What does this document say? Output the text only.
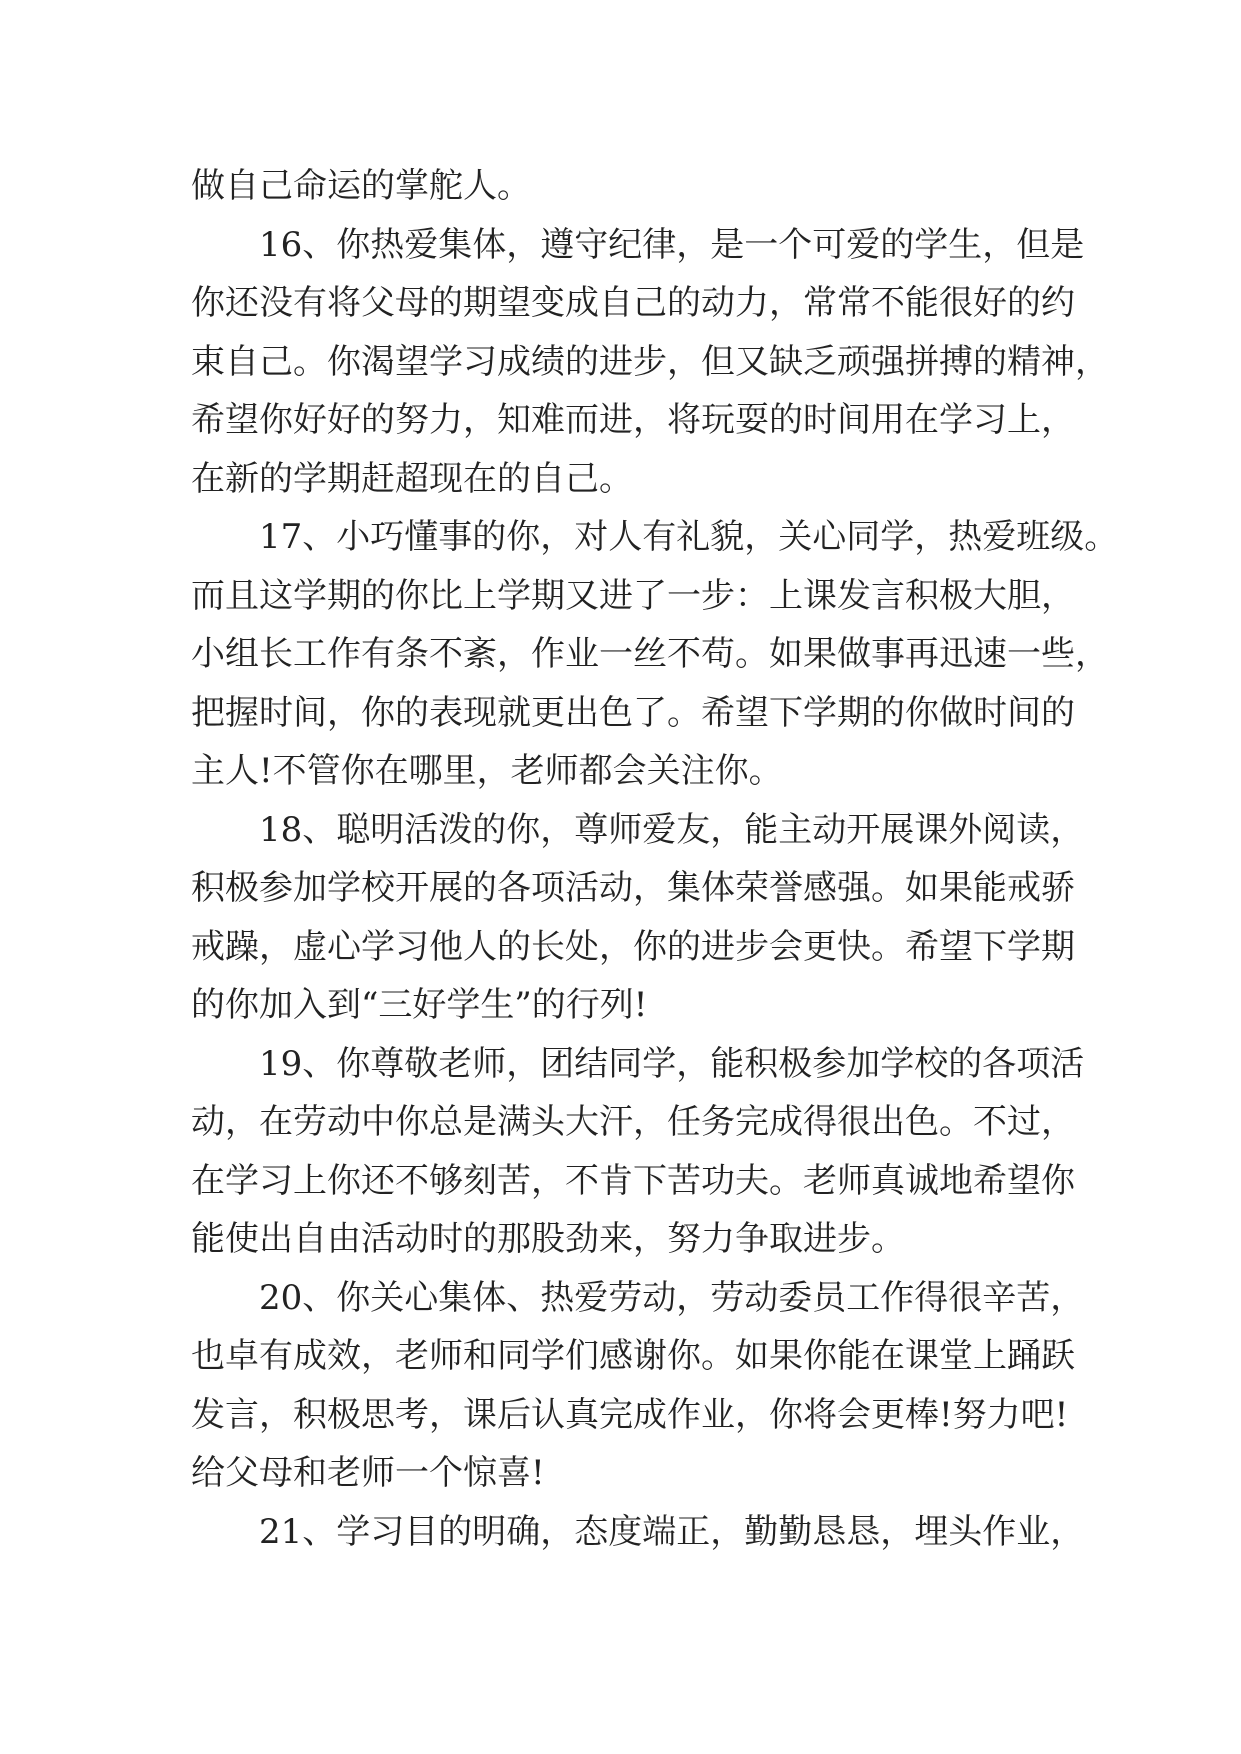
做自己命运的掌舵人。
16、你热爱集体，遵守纪律，是一个可爱的学生，但是
你还没有将父母的期望变成自己的动力，常常不能很好的约
束自己。你渴望学习成绩的进步，但又缺乏顽强拼搏的精神，
希望你好好的努力，知难而进，将玩耍的时间用在学习上，
在新的学期赶超现在的自己。
17、小巧懂事的你，对人有礼貌，关心同学，热爱班级。
而且这学期的你比上学期又进了一步：上课发言积极大胆，
小组长工作有条不紊，作业一丝不苟。如果做事再迅速一些，
把握时间，你的表现就更出色了。希望下学期的你做时间的
主人!不管你在哪里，老师都会关注你。
18、聪明活泼的你，尊师爱友，能主动开展课外阅读，
积极参加学校开展的各项活动，集体荣誉感强。如果能戒骄
戒躁，虚心学习他人的长处，你的进步会更快。希望下学期
的你加入到“三好学生”的行列!
19、你尊敬老师，团结同学，能积极参加学校的各项活
动，在劳动中你总是满头大汗，任务完成得很出色。不过，
在学习上你还不够刻苦，不肯下苦功夫。老师真诚地希望你
能使出自由活动时的那股劲来，努力争取进步。
20、你关心集体、热爱劳动，劳动委员工作得很辛苦，
也卓有成效，老师和同学们感谢你。如果你能在课堂上踊跃
发言，积极思考，课后认真完成作业，你将会更棒!努力吧!
给父母和老师一个惊喜!
21、学习目的明确，态度端正，勤勤恳恳，埋头作业，
